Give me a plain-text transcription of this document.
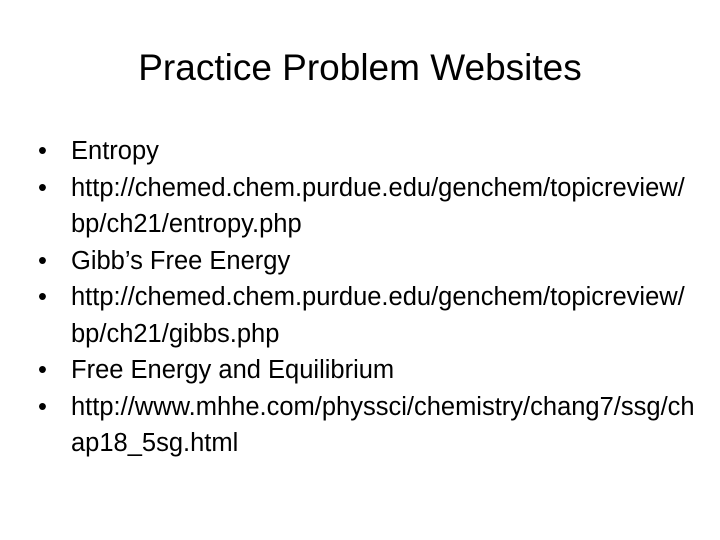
Practice Problem Websites
• Entropy
• http://chemed.chem.purdue.edu/genchem/topicreview/bp/ch21/entropy.php
• Gibb’s Free Energy
• http://chemed.chem.purdue.edu/genchem/topicreview/bp/ch21/gibbs.php
• Free Energy and Equilibrium
• http://www.mhhe.com/physsci/chemistry/chang7/ssg/chap18_5sg.html
